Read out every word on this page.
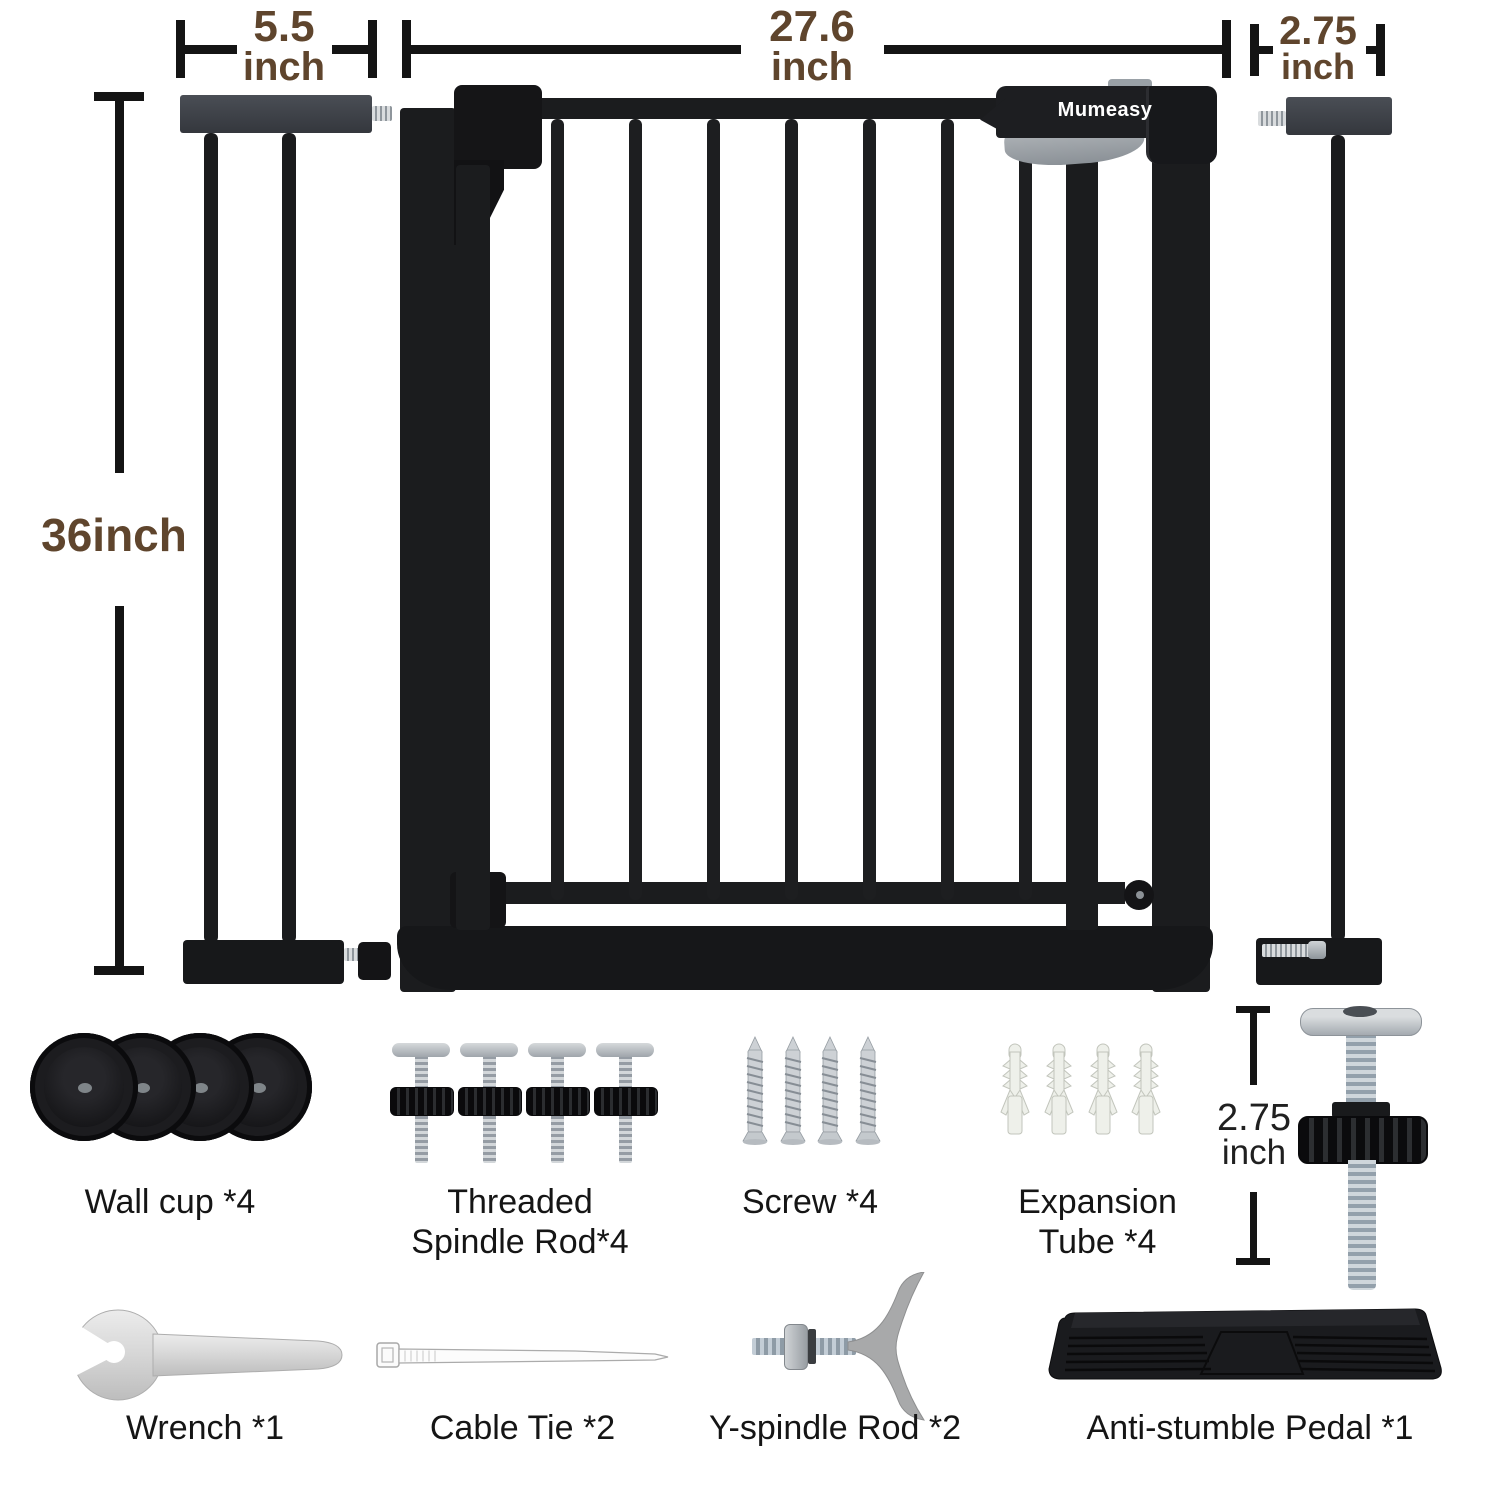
5.5
inch
27.6
inch
2.75
inch
36inch
Mumeasy
Wall cup *4	Threaded
Spindle Rod*4
Screw *4	Expansion
Tube *4
2.75
inch
Wrench *1	Cable Tie *2	Y-spindle Rod *2	Anti-stumble Pedal *1
